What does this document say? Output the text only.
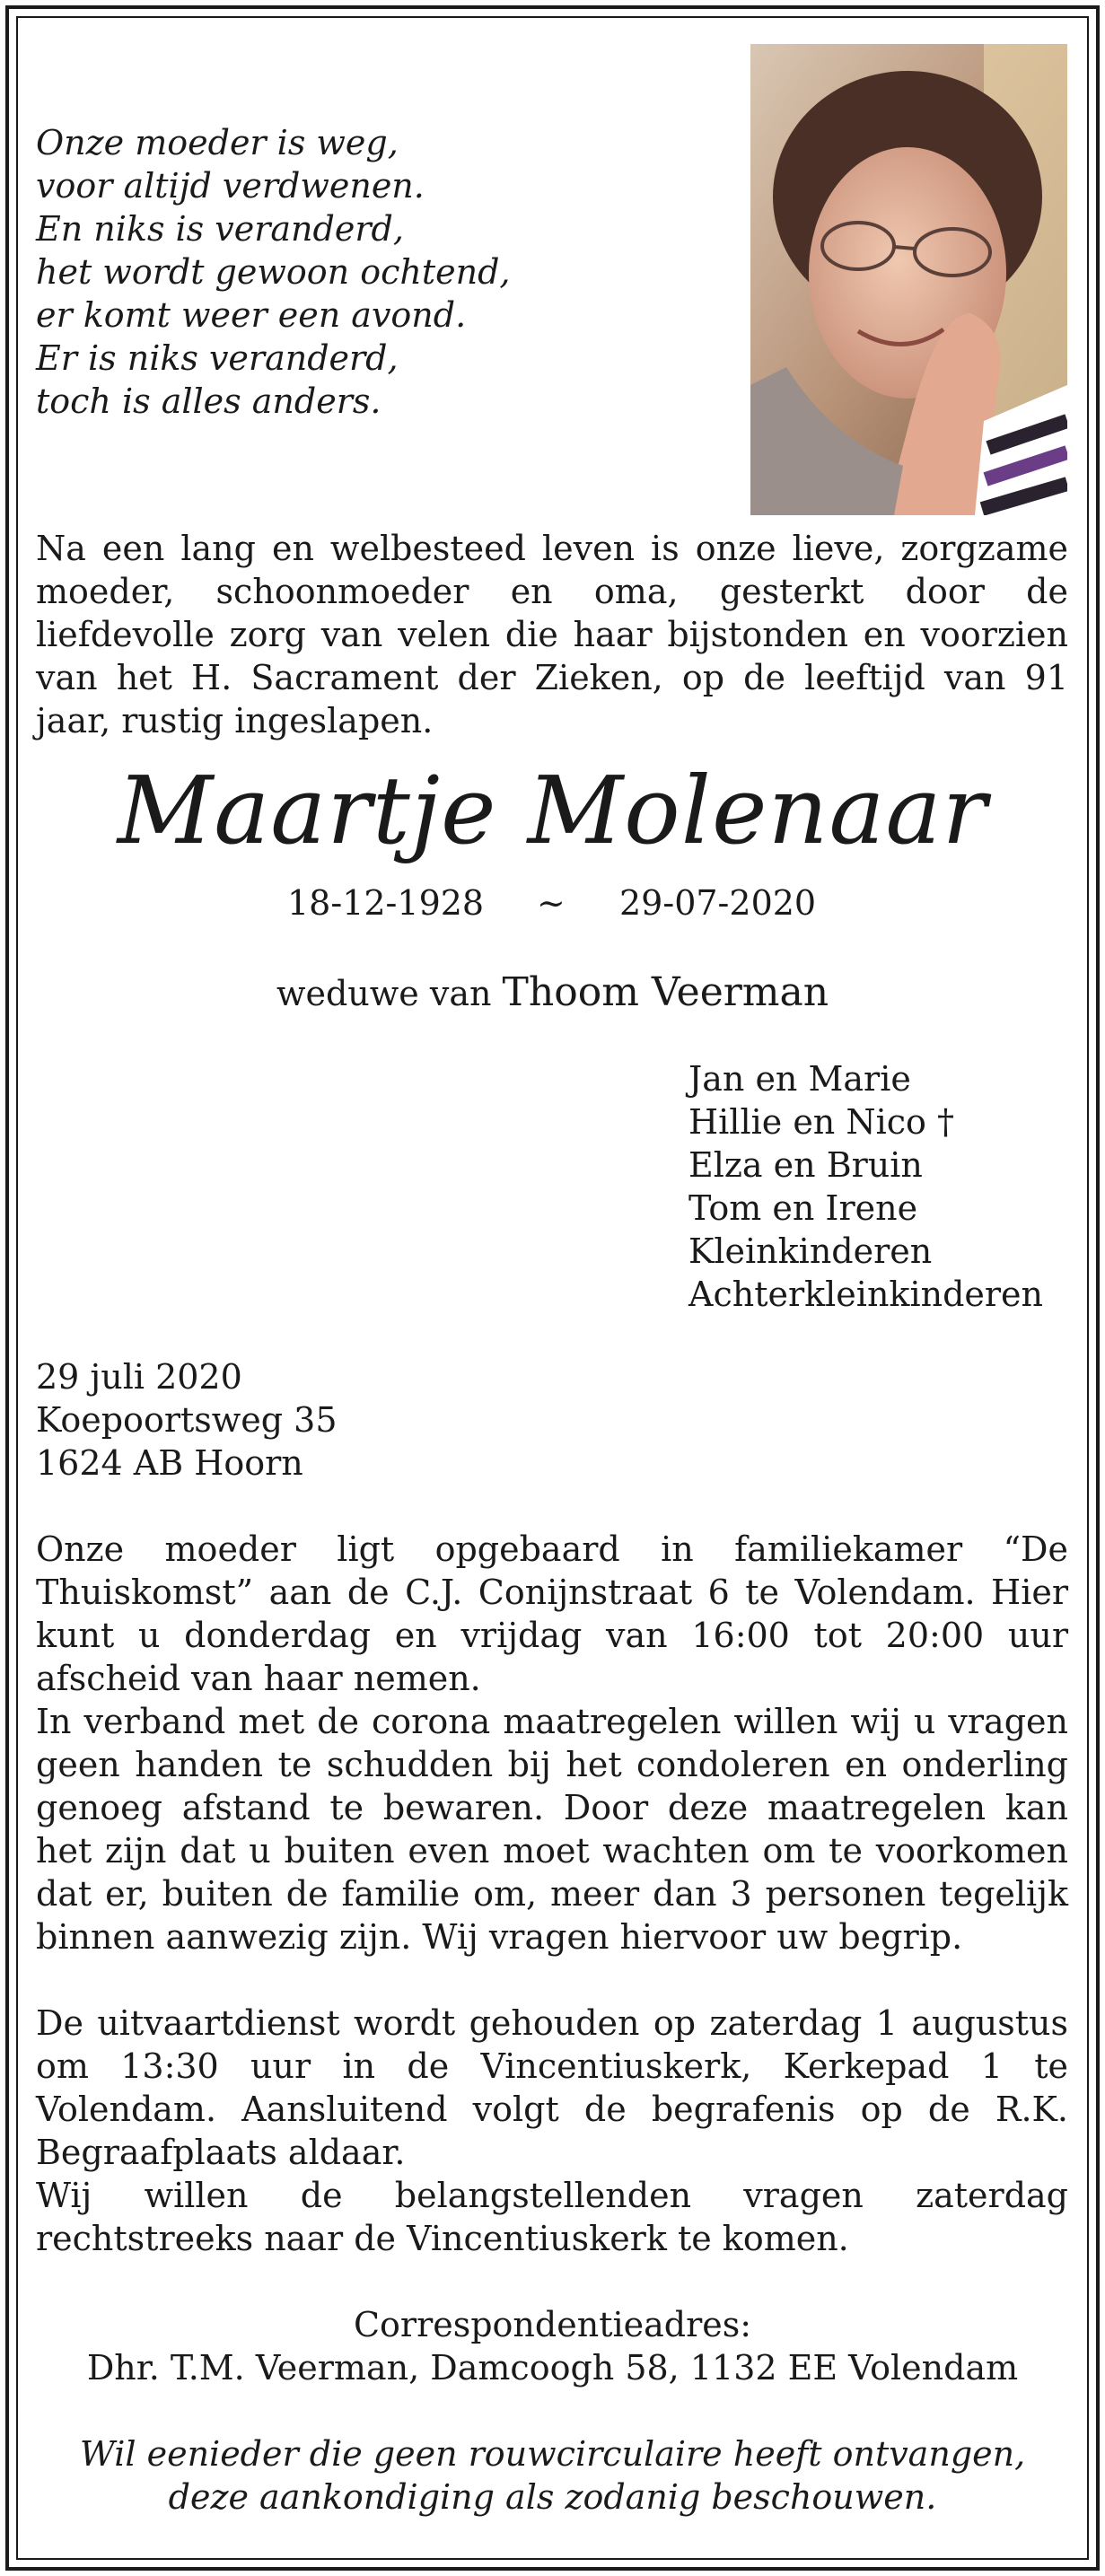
Onze moeder is weg,
voor altijd verdwenen.
En niks is veranderd,
het wordt gewoon ochtend,
er komt weer een avond.
Er is niks veranderd,
toch is alles anders.
Na een lang en welbesteed leven is onze lieve, zorgzame moeder, schoonmoeder en oma, gesterkt door de liefdevolle zorg van velen die haar bijstonden en voorzien van het H. Sacrament der Zieken, op de leeftijd van 91 jaar, rustig ingeslapen.
Maartje Molenaar
18-12-1928 ~ 29-07-2020
weduwe van Thoom Veerman
Jan en Marie
Hillie en Nico †
Elza en Bruin
Tom en Irene
Kleinkinderen
Achterkleinkinderen
29 juli 2020
Koepoortsweg 35
1624 AB Hoorn
Onze moeder ligt opgebaard in familiekamer “De Thuiskomst” aan de C.J. Conijnstraat 6 te Volendam. Hier kunt u donderdag en vrijdag van 16:00 tot 20:00 uur afscheid van haar nemen.
In verband met de corona maatregelen willen wij u vragen geen handen te schudden bij het condoleren en onderling genoeg afstand te bewaren. Door deze maatregelen kan het zijn dat u buiten even moet wachten om te voorkomen dat er, buiten de familie om, meer dan 3 personen tegelijk binnen aanwezig zijn. Wij vragen hiervoor uw begrip.
De uitvaartdienst wordt gehouden op zaterdag 1 augustus om 13:30 uur in de Vincentiuskerk, Kerkepad 1 te Volendam. Aansluitend volgt de begrafenis op de R.K. Begraafplaats aldaar.
Wij willen de belangstellenden vragen zaterdag rechtstreeks naar de Vincentiuskerk te komen.
Correspondentieadres:
Dhr. T.M. Veerman, Damcoogh 58, 1132 EE Volendam
Wil eenieder die geen rouwcirculaire heeft ontvangen,
deze aankondiging als zodanig beschouwen.
